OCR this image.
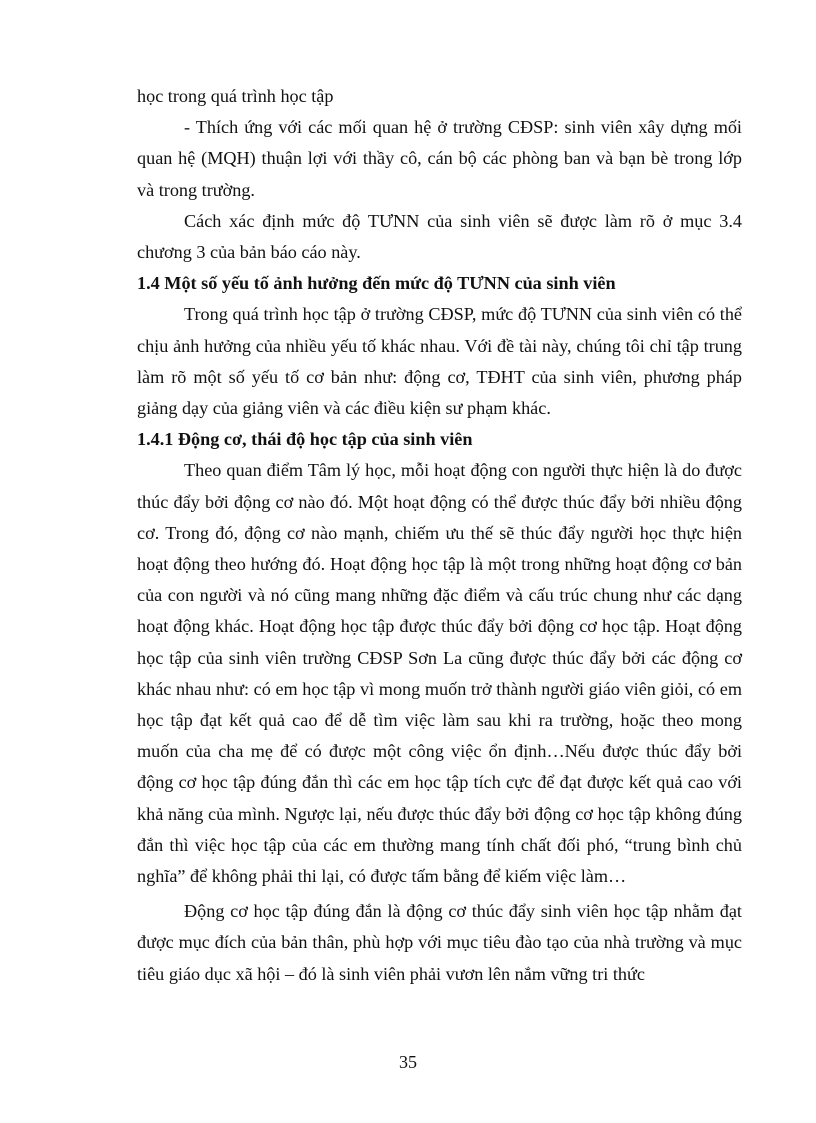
học trong quá trình học tập

- Thích ứng với các mối quan hệ ở trường CĐSP: sinh viên xây dựng mối quan hệ (MQH) thuận lợi với thầy cô, cán bộ các phòng ban và bạn bè trong lớp và trong trường.

Cách xác định mức độ TƯNN của sinh viên sẽ được làm rõ ở mục 3.4 chương 3 của bản báo cáo này.

1.4 Một số yếu tố ảnh hưởng đến mức độ TƯNN của sinh viên

Trong quá trình học tập ở trường CĐSP, mức độ TƯNN của sinh viên có thể chịu ảnh hưởng của nhiều yếu tố khác nhau. Với đề tài này, chúng tôi chỉ tập trung làm rõ một số yếu tố cơ bản như: động cơ, TĐHT của sinh viên, phương pháp giảng dạy của giảng viên và các điều kiện sư phạm khác.

1.4.1 Động cơ, thái độ học tập của sinh viên

Theo quan điểm Tâm lý học, mỗi hoạt động con người thực hiện là do được thúc đẩy bởi động cơ nào đó. Một hoạt động có thể được thúc đẩy bởi nhiều động cơ. Trong đó, động cơ nào mạnh, chiếm ưu thế sẽ thúc đẩy người học thực hiện hoạt động theo hướng đó. Hoạt động học tập là một trong những hoạt động cơ bản của con người và nó cũng mang những đặc điểm và cấu trúc chung như các dạng hoạt động khác. Hoạt động học tập được thúc đẩy bởi động cơ học tập. Hoạt động học tập của sinh viên trường CĐSP Sơn La cũng được thúc đẩy bởi các động cơ khác nhau như: có em học tập vì mong muốn trở thành người giáo viên giỏi, có em học tập đạt kết quả cao để dễ tìm việc làm sau khi ra trường, hoặc theo mong muốn của cha mẹ để có được một công việc ổn định…Nếu được thúc đẩy bởi động cơ học tập đúng đắn thì các em học tập tích cực để đạt được kết quả cao với khả năng của mình. Ngược lại, nếu được thúc đẩy bởi động cơ học tập không đúng đắn thì việc học tập của các em thường mang tính chất đối phó, “trung bình chủ

nghĩa” để không phải thi lại, có được tấm bằng để kiếm việc làm…

Động cơ học tập đúng đắn là động cơ thúc đẩy sinh viên học tập nhằm đạt được mục đích của bản thân, phù hợp với mục tiêu đào tạo của nhà trường và mục tiêu giáo dục xã hội – đó là sinh viên phải vươn lên nắm vững tri thức

35
